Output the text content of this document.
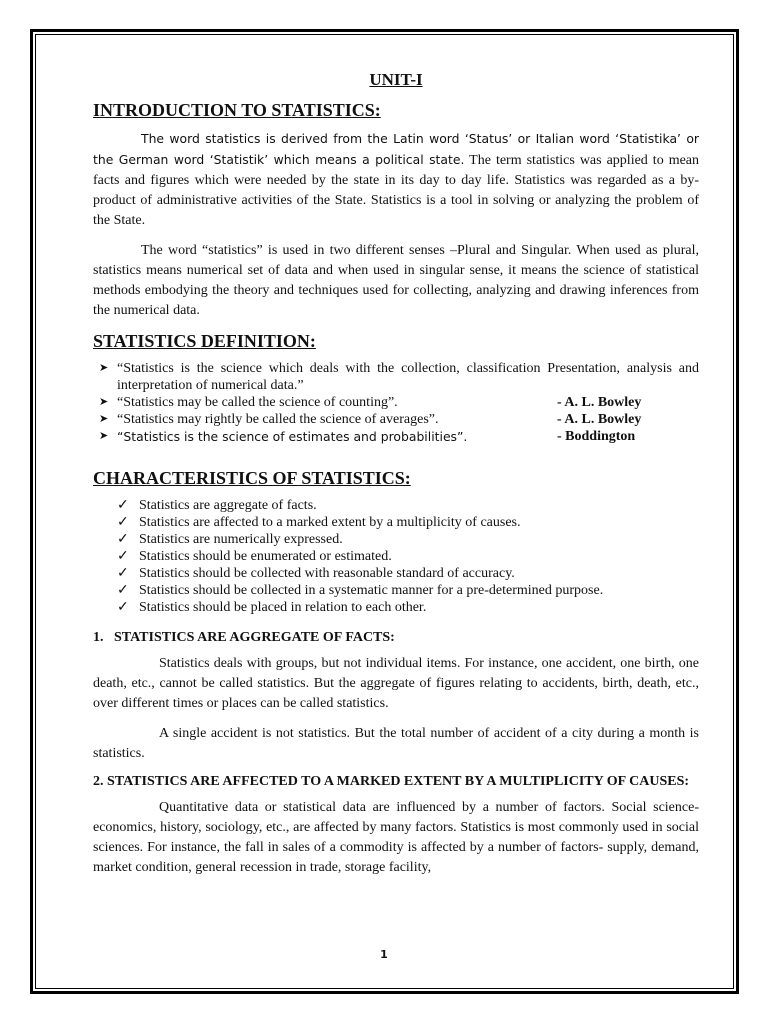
UNIT-I
INTRODUCTION TO STATISTICS:

The word statistics is derived from the Latin word ‘Status’ or Italian word ‘Statistika’ or the German word ‘Statistik’ which means a political state. The term statistics was applied to mean facts and figures which were needed by the state in its day to day life. Statistics was regarded as a by-product of administrative activities of the State. Statistics is a tool in solving or analyzing the problem of the State.

The word “statistics” is used in two different senses –Plural and Singular. When used as plural, statistics means numerical set of data and when used in singular sense, it means the science of statistical methods embodying the theory and techniques used for collecting, analyzing and drawing inferences from the numerical data.

STATISTICS DEFINITION:
➤ “Statistics is the science which deals with the collection, classification Presentation, analysis and interpretation of numerical data.”
➤ “Statistics may be called the science of counting”.	- A. L. Bowley
➤ “Statistics may rightly be called the science of averages”.	- A. L. Bowley
➤ “Statistics is the science of estimates and probabilities”.	- Boddington
CHARACTERISTICS OF STATISTICS:
✓ Statistics are aggregate of facts.
✓ Statistics are affected to a marked extent by a multiplicity of causes.
✓ Statistics are numerically expressed.
✓ Statistics should be enumerated or estimated.
✓ Statistics should be collected with reasonable standard of accuracy.
✓ Statistics should be collected in a systematic manner for a pre-determined purpose.
✓ Statistics should be placed in relation to each other.
1.   STATISTICS ARE AGGREGATE OF FACTS:

Statistics deals with groups, but not individual items. For instance, one accident, one birth, one death, etc., cannot be called statistics. But the aggregate of figures relating to accidents, birth, death, etc., over different times or places can be called statistics.

A single accident is not statistics. But the total number of accident of a city during a month is statistics.

2. STATISTICS ARE AFFECTED TO A MARKED EXTENT BY A MULTIPLICITY OF CAUSES:

Quantitative data or statistical data are influenced by a number of factors. Social science- economics, history, sociology, etc., are affected by many factors. Statistics is most commonly used in social sciences. For instance, the fall in sales of a commodity is affected by a number of factors- supply, demand, market condition, general recession in trade, storage facility,

1
